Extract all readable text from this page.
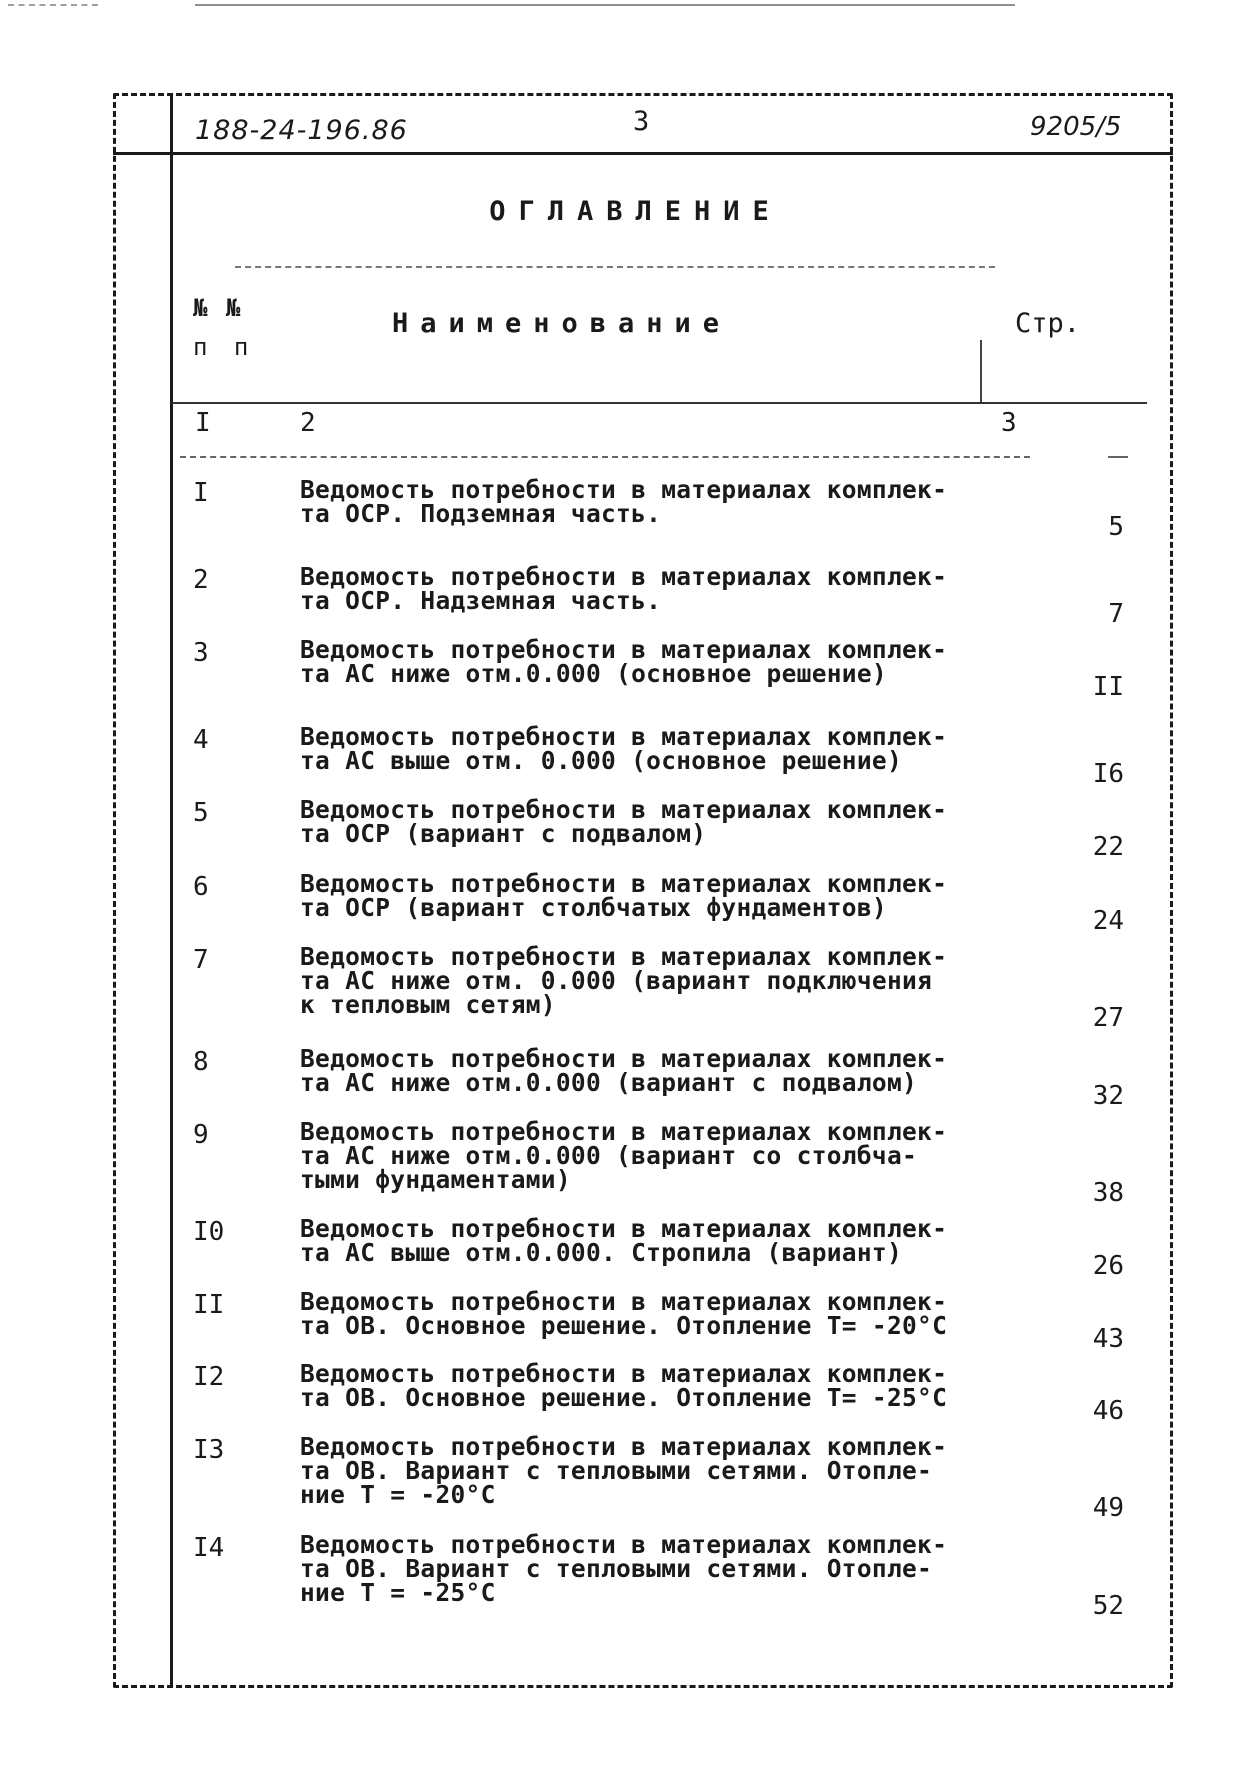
188-24-196.86	3	9205/5
ОГЛАВЛЕНИЕ
№ №
п п
Наименование	Стр.
I	2	3
I	Ведомость потребности в материалах комплек-
та ОСР. Подземная часть.	5
2	Ведомость потребности в материалах комплек-
та ОСР. Надземная часть.	7
3	Ведомость потребности в материалах комплек-
та АС ниже отм.0.000 (основное решение)	II
4	Ведомость потребности в материалах комплек-
та АС выше отм. 0.000 (основное решение)	I6
5	Ведомость потребности в материалах комплек-
та ОСР (вариант с подвалом)	22
6	Ведомость потребности в материалах комплек-
та ОСР (вариант столбчатых фундаментов)	24
7	Ведомость потребности в материалах комплек-
та АС ниже отм. 0.000 (вариант подключения
к тепловым сетям)	27
8	Ведомость потребности в материалах комплек-
та АС ниже отм.0.000 (вариант с подвалом)	32
9	Ведомость потребности в материалах комплек-
та АС ниже отм.0.000 (вариант со столбча-
тыми фундаментами)	38
I0	Ведомость потребности в материалах комплек-
та АС выше отм.0.000. Стропила (вариант)	26
II	Ведомость потребности в материалах комплек-
та ОВ. Основное решение. Отопление Т= -20°С	43
I2	Ведомость потребности в материалах комплек-
та ОВ. Основное решение. Отопление Т= -25°С	46
I3	Ведомость потребности в материалах комплек-
та ОВ. Вариант с тепловыми сетями. Отопле-
ние Т = -20°С	49
I4	Ведомость потребности в материалах комплек-
та ОВ. Вариант с тепловыми сетями. Отопле-
ние Т = -25°С	52
